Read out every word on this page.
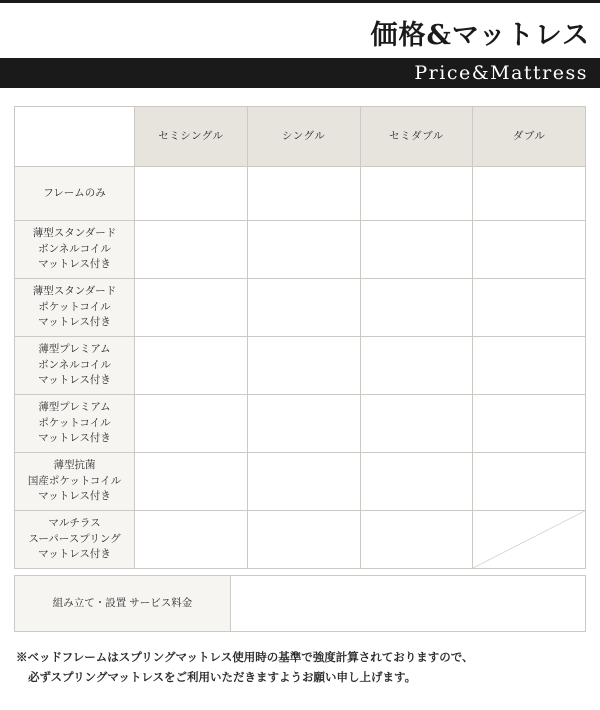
価格&マットレス
Price&Mattress
	セミシングル	シングル	セミダブル	ダブル

フレームのみ				

薄型スタンダード
ボンネルコイル
マットレス付き				

薄型スタンダード
ポケットコイル
マットレス付き				

薄型プレミアム
ボンネルコイル
マットレス付き				

薄型プレミアム
ポケットコイル
マットレス付き				

薄型抗菌
国産ポケットコイル
マットレス付き				

マルチラス
スーパースプリング
マットレス付き

組み立て・設置 サービス料金	
※ベッドフレームはスプリングマットレス使用時の基準で強度計算されておりますので、
必ずスプリングマットレスをご利用いただきますようお願い申し上げます。
